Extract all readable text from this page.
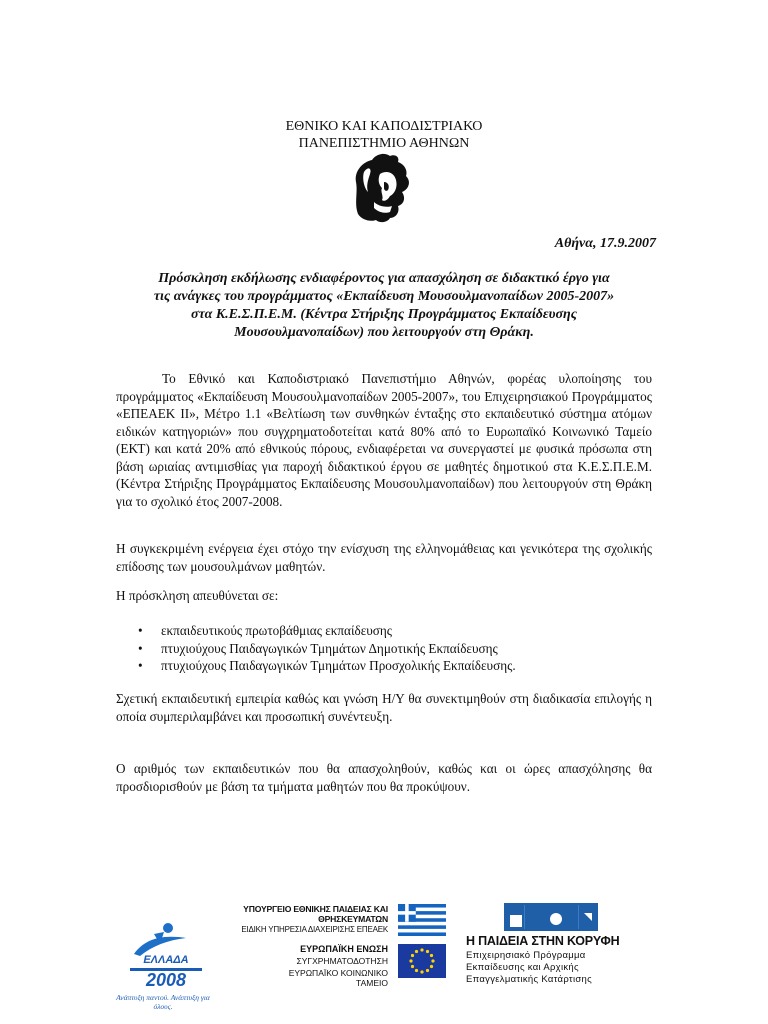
ΕΘΝΙΚΟ ΚΑΙ ΚΑΠΟΔΙΣΤΡΙΑΚΟ
ΠΑΝΕΠΙΣΤΗΜΙΟ ΑΘΗΝΩΝ
Αθήνα, 17.9.2007
Πρόσκληση εκδήλωσης ενδιαφέροντος για απασχόληση σε διδακτικό έργο για
τις ανάγκες του προγράμματος «Εκπαίδευση Μουσουλμανοπαίδων 2005-2007»
στα Κ.Ε.Σ.Π.Ε.Μ. (Κέντρα Στήριξης Προγράμματος Εκπαίδευσης
Μουσουλμανοπαίδων) που λειτουργούν στη Θράκη.
Το Εθνικό και Καποδιστριακό Πανεπιστήμιο Αθηνών, φορέας υλοποίησης του προγράμματος «Εκπαίδευση Μουσουλμανοπαίδων 2005-2007», του Επιχειρησιακού Προγράμματος «ΕΠΕΑΕΚ ΙΙ», Μέτρο 1.1 «Βελτίωση των συνθηκών ένταξης στο εκπαιδευτικό σύστημα ατόμων ειδικών κατηγοριών» που συγχρηματοδοτείται κατά 80% από το Ευρωπαϊκό Κοινωνικό Ταμείο (ΕΚΤ) και κατά 20% από εθνικούς πόρους, ενδιαφέρεται να συνεργαστεί με φυσικά πρόσωπα στη βάση ωριαίας αντιμισθίας για παροχή διδακτικού έργου σε μαθητές δημοτικού στα Κ.Ε.Σ.Π.Ε.Μ. (Κέντρα Στήριξης Προγράμματος Εκπαίδευσης Μουσουλμανοπαίδων) που λειτουργούν στη Θράκη για το σχολικό έτος 2007-2008.
Η συγκεκριμένη ενέργεια έχει στόχο την ενίσχυση της ελληνομάθειας και γενικότερα της σχολικής επίδοσης των μουσουλμάνων μαθητών.
Η πρόσκληση απευθύνεται σε:
• εκπαιδευτικούς πρωτοβάθμιας εκπαίδευσης
• πτυχιούχους Παιδαγωγικών Τμημάτων Δημοτικής Εκπαίδευσης
• πτυχιούχους Παιδαγωγικών Τμημάτων Προσχολικής Εκπαίδευσης.
Σχετική εκπαιδευτική εμπειρία καθώς και γνώση Η/Υ θα συνεκτιμηθούν στη διαδικασία επιλογής η οποία συμπεριλαμβάνει και προσωπική συνέντευξη.
Ο αριθμός των εκπαιδευτικών που θα απασχοληθούν, καθώς και οι ώρες απασχόλησης θα προσδιορισθούν με βάση τα τμήματα μαθητών που θα προκύψουν.
ΕΛΛΑΔΑ
2008
Ανάπτυξη παντού. Ανάπτυξη για όλους.
ΥΠΟΥΡΓΕΙΟ ΕΘΝΙΚΗΣ ΠΑΙΔΕΙΑΣ ΚΑΙ ΘΡΗΣΚΕΥΜΑΤΩΝ
ΕΙΔΙΚΗ ΥΠΗΡΕΣΙΑ ΔΙΑΧΕΙΡΙΣΗΣ ΕΠΕΑΕΚ
ΕΥΡΩΠΑΪΚΗ ΕΝΩΣΗ
ΣΥΓΧΡΗΜΑΤΟΔΟΤΗΣΗ
ΕΥΡΩΠΑΪΚΟ ΚΟΙΝΩΝΙΚΟ ΤΑΜΕΙΟ
Η ΠΑΙΔΕΙΑ ΣΤΗΝ ΚΟΡΥΦΗ
Επιχειρησιακό Πρόγραμμα
Εκπαίδευσης και Αρχικής
Επαγγελματικής Κατάρτισης
